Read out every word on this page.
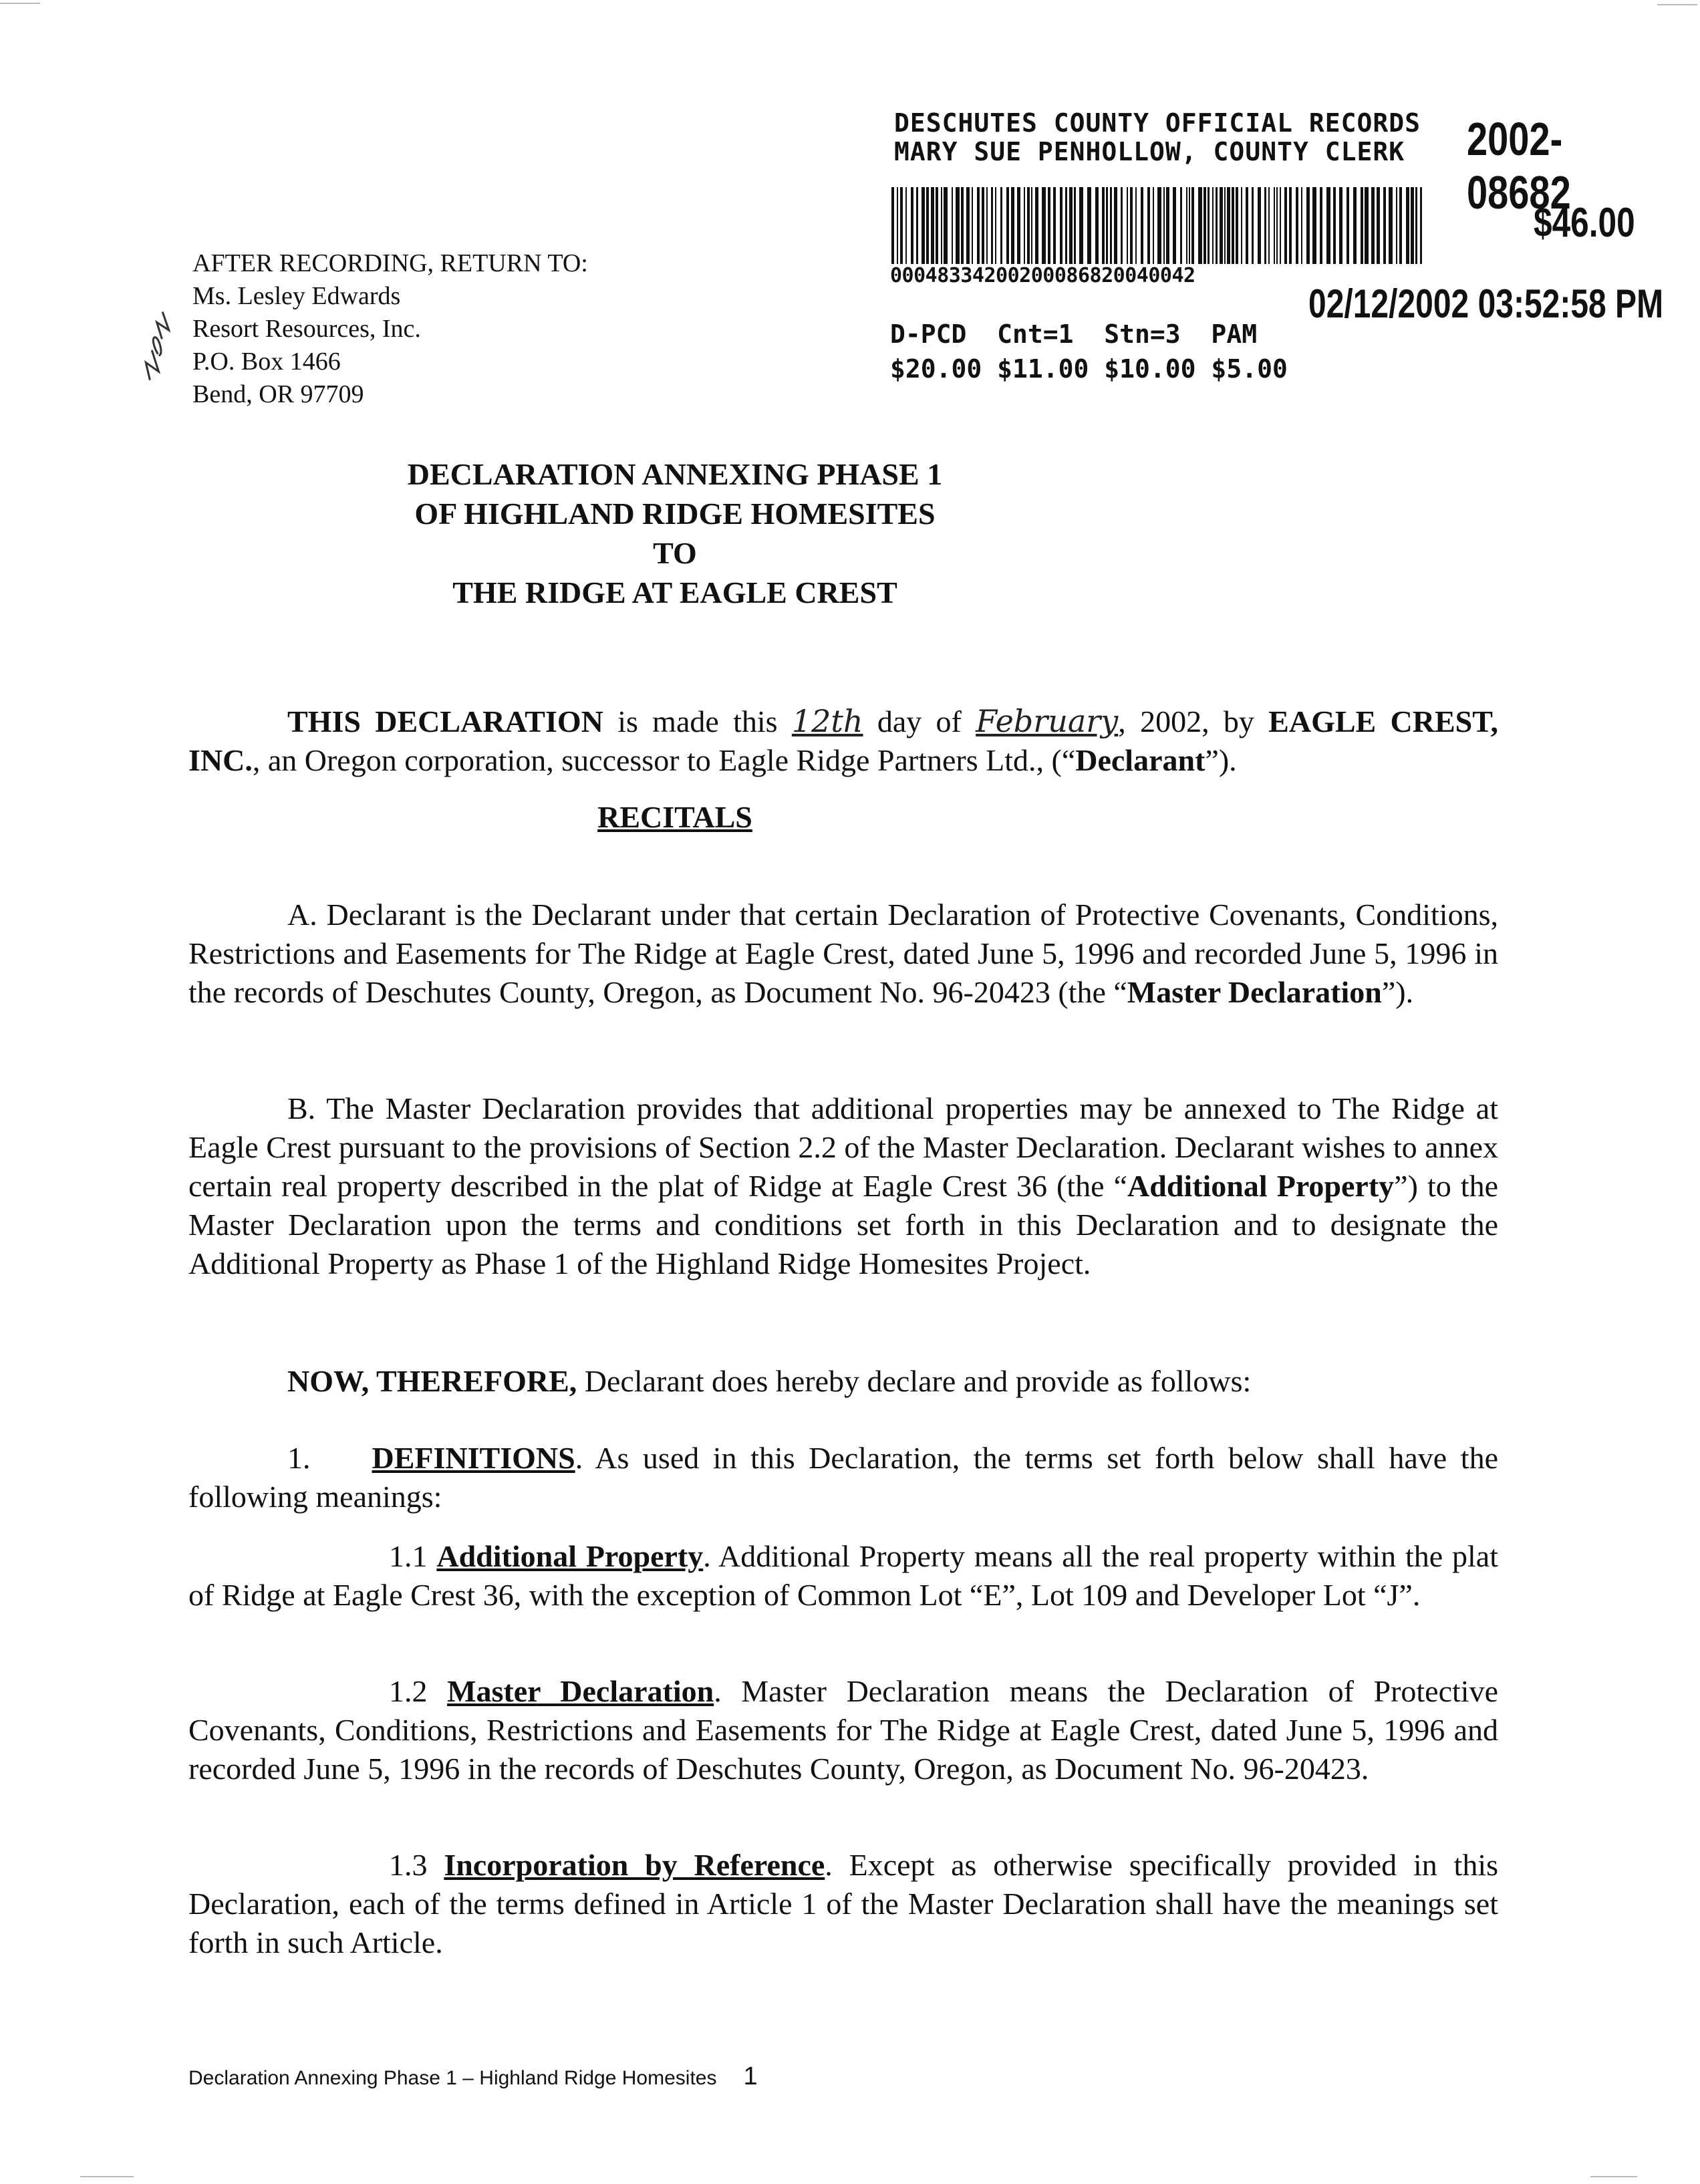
DESCHUTES COUNTY OFFICIAL RECORDS
MARY SUE PENHOLLOW, COUNTY CLERK 2002-08682
$46.00
00048334200200086820040042
02/12/2002 03:52:58 PM
D-PCD  Cnt=1  Stn=3  PAM
$20.00 $11.00 $10.00 $5.00
AFTER RECORDING, RETURN TO:
Ms. Lesley Edwards
Resort Resources, Inc.
P.O. Box 1466
Bend, OR 97709
DECLARATION ANNEXING PHASE 1
OF HIGHLAND RIDGE HOMESITES
TO
THE RIDGE AT EAGLE CREST
THIS DECLARATION is made this 12th day of February, 2002, by EAGLE CREST, INC., an Oregon corporation, successor to Eagle Ridge Partners Ltd., (“Declarant”).
RECITALS
A. Declarant is the Declarant under that certain Declaration of Protective Covenants, Conditions, Restrictions and Easements for The Ridge at Eagle Crest, dated June 5, 1996 and recorded June 5, 1996 in the records of Deschutes County, Oregon, as Document No. 96-20423 (the “Master Declaration”).
B. The Master Declaration provides that additional properties may be annexed to The Ridge at Eagle Crest pursuant to the provisions of Section 2.2 of the Master Declaration. Declarant wishes to annex certain real property described in the plat of Ridge at Eagle Crest 36 (the “Additional Property”) to the Master Declaration upon the terms and conditions set forth in this Declaration and to designate the Additional Property as Phase 1 of the Highland Ridge Homesites Project.
NOW, THEREFORE, Declarant does hereby declare and provide as follows:
1. DEFINITIONS. As used in this Declaration, the terms set forth below shall have the following meanings:
1.1 Additional Property. Additional Property means all the real property within the plat of Ridge at Eagle Crest 36, with the exception of Common Lot “E”, Lot 109 and Developer Lot “J”.
1.2 Master Declaration. Master Declaration means the Declaration of Protective Covenants, Conditions, Restrictions and Easements for The Ridge at Eagle Crest, dated June 5, 1996 and recorded June 5, 1996 in the records of Deschutes County, Oregon, as Document No. 96-20423.
1.3 Incorporation by Reference. Except as otherwise specifically provided in this Declaration, each of the terms defined in Article 1 of the Master Declaration shall have the meanings set forth in such Article.
Declaration Annexing Phase 1 – Highland Ridge Homesites 1
